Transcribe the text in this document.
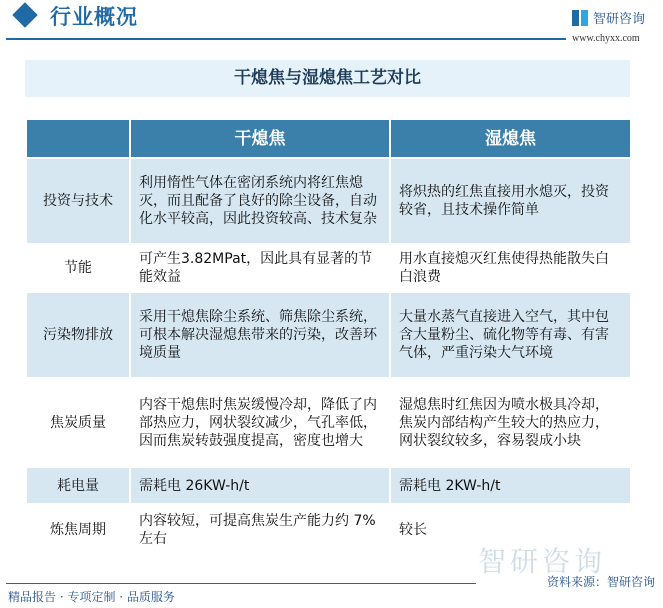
Industry Overview
行业概况	智研咨询
www.chyxx.com
干熄焦与湿熄焦工艺对比
	干熄焦	湿熄焦
投资与技术	利用惰性气体在密闭系统内将红焦熄灭，而且配备了良好的除尘设备，自动化水平较高，因此投资较高、技术复杂	将炽热的红焦直接用水熄灭，投资较省，且技术操作简单
节能	可产生3.82MPat，因此具有显著的节能效益	用水直接熄灭红焦使得热能散失白白浪费
污染物排放	采用干熄焦除尘系统、筛焦除尘系统，可根本解决湿熄焦带来的污染，改善环境质量	大量水蒸气直接进入空气，其中包含大量粉尘、硫化物等有毒、有害气体，严重污染大气环境
焦炭质量	内容干熄焦时焦炭缓慢冷却，降低了内部热应力，网状裂纹减少，气孔率低，因而焦炭转鼓强度提高，密度也增大	湿熄焦时红焦因为喷水极具冷却，焦炭内部结构产生较大的热应力，网状裂纹较多，容易裂成小块
耗电量	需耗电 26KW-h/t	需耗电 2KW-h/t
炼焦周期	内容较短，可提高焦炭生产能力约 7%左右	较长
智研咨询
资料来源：智研咨询
精品报告 · 专项定制 · 品质服务
